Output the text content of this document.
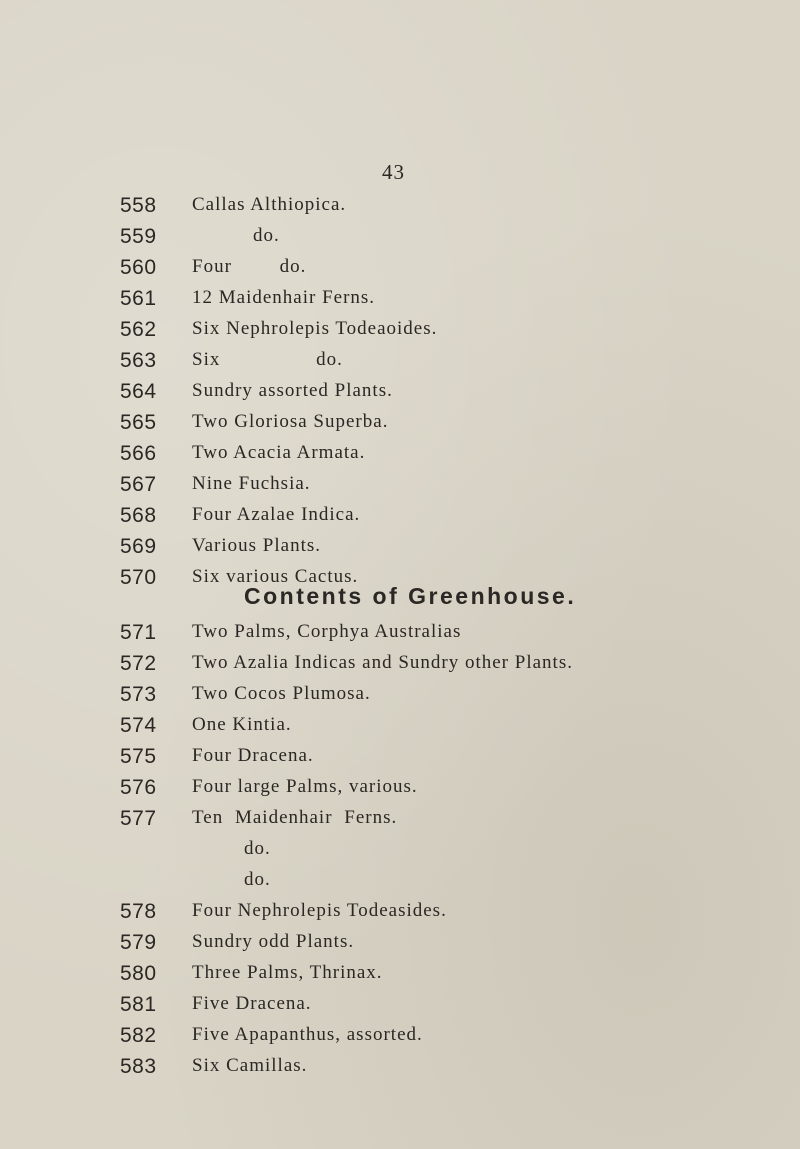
43
558 Callas Althiopica.
559	do.
560 Four do.
561 12 Maidenhair Ferns.
562 Six Nephrolepis Todeaoides.
563 Six do.
564 Sundry assorted Plants.
565 Two Gloriosa Superba.
566 Two Acacia Armata.
567 Nine Fuchsia.
568 Four Azalae Indica.
569 Various Plants.
570 Six various Cactus.
Contents of Greenhouse.
571 Two Palms, Corphya Australias
572 Two Azalia Indicas and Sundry other Plants.
573 Two Cocos Plumosa.
574 One Kintia.
575 Four Dracena.
576 Four large Palms, various.
577 Ten Maidenhair Ferns.
do.
do.
578 Four Nephrolepis Todeasides.
579 Sundry odd Plants.
580 Three Palms, Thrinax.
581 Five Dracena.
582 Five Apapanthus, assorted.
583 Six Camillas.
